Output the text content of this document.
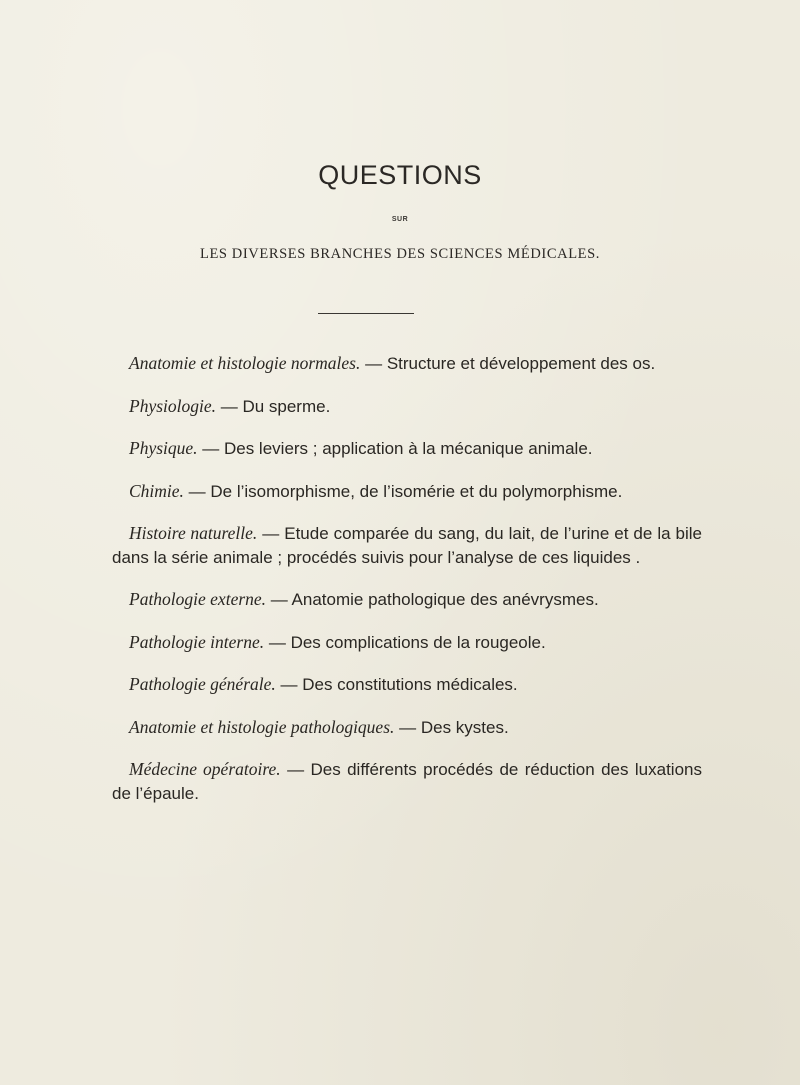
QUESTIONS
SUR
LES DIVERSES BRANCHES DES SCIENCES MÉDICALES.

Anatomie et histologie normales. — Structure et développement des os.

Physiologie. — Du sperme.

Physique. — Des leviers ; application à la mécanique animale.

Chimie. — De l’isomorphisme, de l’isomérie et du polymorphisme.

Histoire naturelle. — Etude comparée du sang, du lait, de l’urine et de la bile dans la série animale ; procédés suivis pour l’analyse de ces liquides .

Pathologie externe. — Anatomie pathologique des anévrysmes.

Pathologie interne. — Des complications de la rougeole.

Pathologie générale. — Des constitutions médicales.

Anatomie et histologie pathologiques. — Des kystes.

Médecine opératoire. — Des différents procédés de réduction des luxations de l’épaule.
